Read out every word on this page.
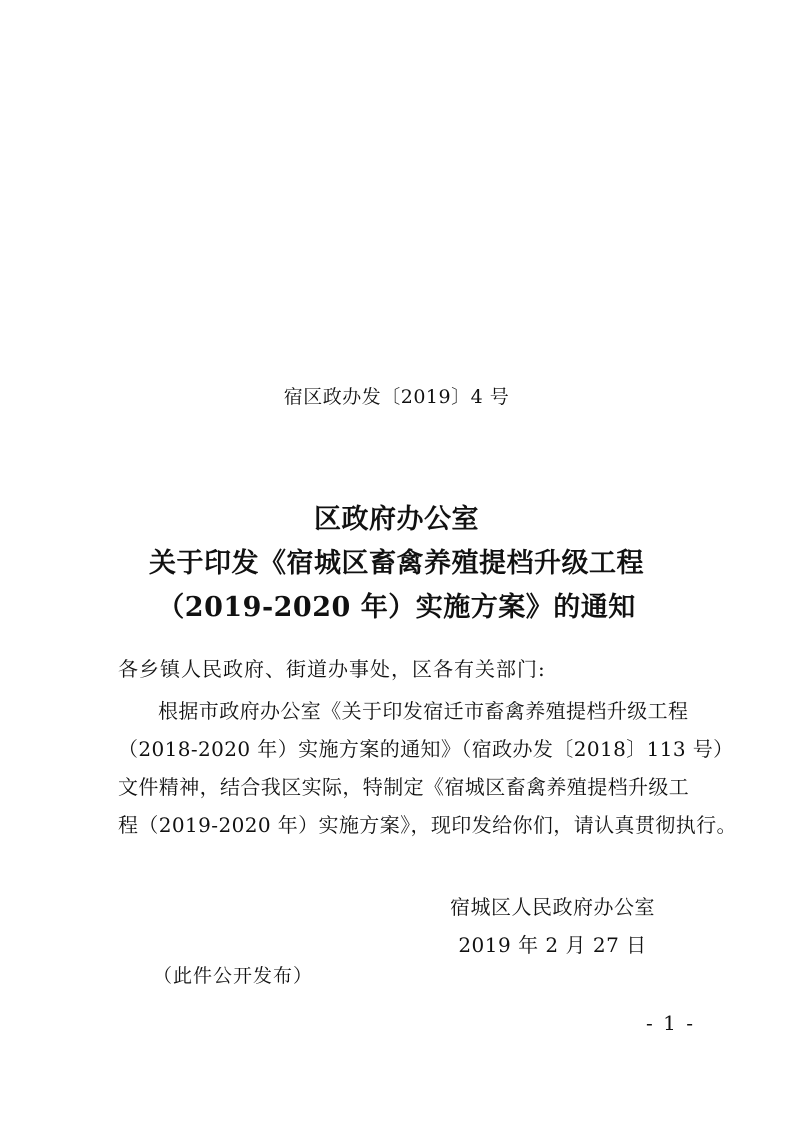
宿区政办发〔2019〕4 号
区政府办公室
关于印发《宿城区畜禽养殖提档升级工程
（2019-2020 年）实施方案》的通知
各乡镇人民政府、街道办事处，区各有关部门:
根据市政府办公室《关于印发宿迁市畜禽养殖提档升级工程
（2018-2020 年）实施方案的通知》（宿政办发〔2018〕113 号）
文件精神，结合我区实际，特制定《宿城区畜禽养殖提档升级工
程（2019-2020 年）实施方案》，现印发给你们，请认真贯彻执行。
宿城区人民政府办公室
2019 年 2 月 27 日
（此件公开发布）
- 1 -
